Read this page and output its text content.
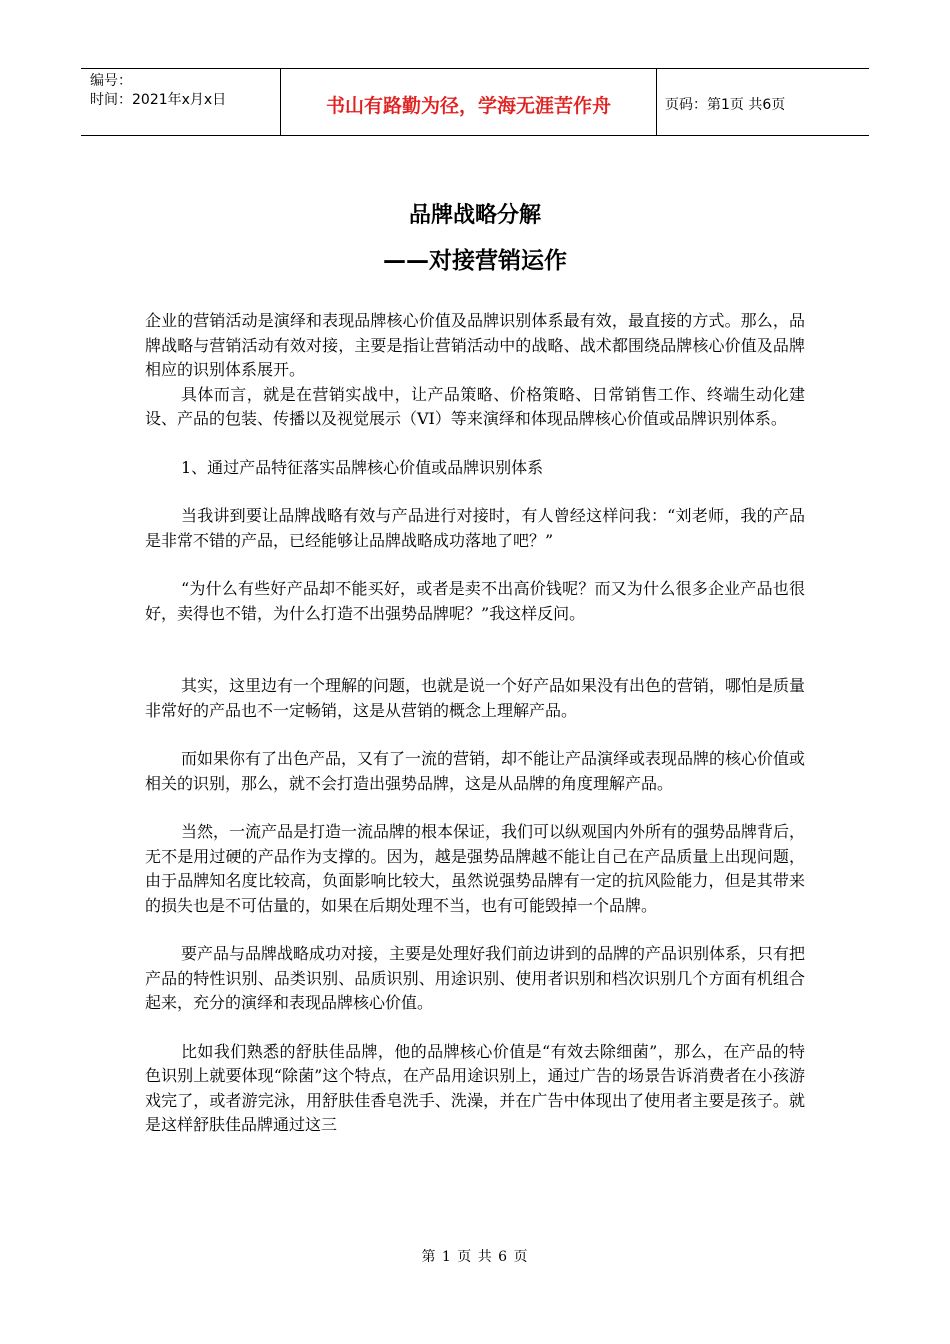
编号：
时间：2021年x月x日	书山有路勤为径，学海无涯苦作舟	页码：第1页 共6页
品牌战略分解
——对接营销运作

企业的营销活动是演绎和表现品牌核心价值及品牌识别体系最有效，最直接的方式。那么，品牌战略与营销活动有效对接，主要是指让营销活动中的战略、战术都围绕品牌核心价值及品牌相应的识别体系展开。

具体而言，就是在营销实战中，让产品策略、价格策略、日常销售工作、终端生动化建设、产品的包装、传播以及视觉展示（VI）等来演绎和体现品牌核心价值或品牌识别体系。

1、通过产品特征落实品牌核心价值或品牌识别体系

当我讲到要让品牌战略有效与产品进行对接时，有人曾经这样问我：“刘老师，我的产品是非常不错的产品，已经能够让品牌战略成功落地了吧？”

“为什么有些好产品却不能买好，或者是卖不出高价钱呢？而又为什么很多企业产品也很好，卖得也不错，为什么打造不出强势品牌呢？”我这样反问。

其实，这里边有一个理解的问题，也就是说一个好产品如果没有出色的营销，哪怕是质量非常好的产品也不一定畅销，这是从营销的概念上理解产品。

而如果你有了出色产品，又有了一流的营销，却不能让产品演绎或表现品牌的核心价值或相关的识别，那么，就不会打造出强势品牌，这是从品牌的角度理解产品。

当然，一流产品是打造一流品牌的根本保证，我们可以纵观国内外所有的强势品牌背后，无不是用过硬的产品作为支撑的。因为，越是强势品牌越不能让自己在产品质量上出现问题，由于品牌知名度比较高，负面影响比较大，虽然说强势品牌有一定的抗风险能力，但是其带来的损失也是不可估量的，如果在后期处理不当，也有可能毁掉一个品牌。

要产品与品牌战略成功对接，主要是处理好我们前边讲到的品牌的产品识别体系，只有把产品的特性识别、品类识别、品质识别、用途识别、使用者识别和档次识别几个方面有机组合起来，充分的演绎和表现品牌核心价值。

比如我们熟悉的舒肤佳品牌，他的品牌核心价值是“有效去除细菌”，那么，在产品的特色识别上就要体现“除菌”这个特点，在产品用途识别上，通过广告的场景告诉消费者在小孩游戏完了，或者游完泳，用舒肤佳香皂洗手、洗澡，并在广告中体现出了使用者主要是孩子。就是这样舒肤佳品牌通过这三

第 1 页 共 6 页
